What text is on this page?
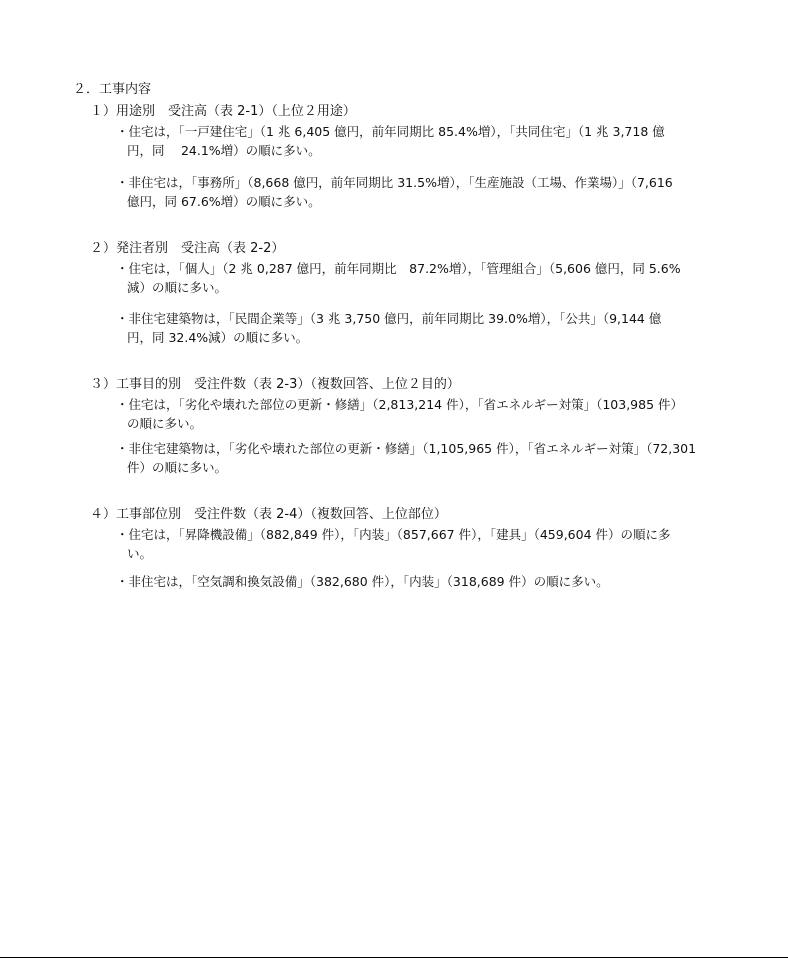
２．工事内容
１）用途別　受注高（表 2-1）（上位２用途）
・住宅は，「一戸建住宅」（1 兆 6,405 億円，前年同期比 85.4%増），「共同住宅」（1 兆 3,718 億
円，同　 24.1%増）の順に多い。
・非住宅は，「事務所」（8,668 億円，前年同期比 31.5%増），「生産施設（工場、作業場）」（7,616
億円，同 67.6%増）の順に多い。
２）発注者別　受注高（表 2-2）
・住宅は，「個人」（2 兆 0,287 億円，前年同期比　87.2%増），「管理組合」（5,606 億円，同 5.6%
減）の順に多い。
・非住宅建築物は，「民間企業等」（3 兆 3,750 億円，前年同期比 39.0%増），「公共」（9,144 億
円，同 32.4%減）の順に多い。
３）工事目的別　受注件数（表 2-3）（複数回答、上位２目的）
・住宅は，「劣化や壊れた部位の更新・修繕」（2,813,214 件），「省エネルギー対策」（103,985 件）
の順に多い。
・非住宅建築物は，「劣化や壊れた部位の更新・修繕」（1,105,965 件），「省エネルギー対策」（72,301
件）の順に多い。
４）工事部位別　受注件数（表 2-4）（複数回答、上位部位）
・住宅は，「昇降機設備」（882,849 件），「内装」（857,667 件），「建具」（459,604 件）の順に多
い。
・非住宅は，「空気調和換気設備」（382,680 件），「内装」（318,689 件）の順に多い。
